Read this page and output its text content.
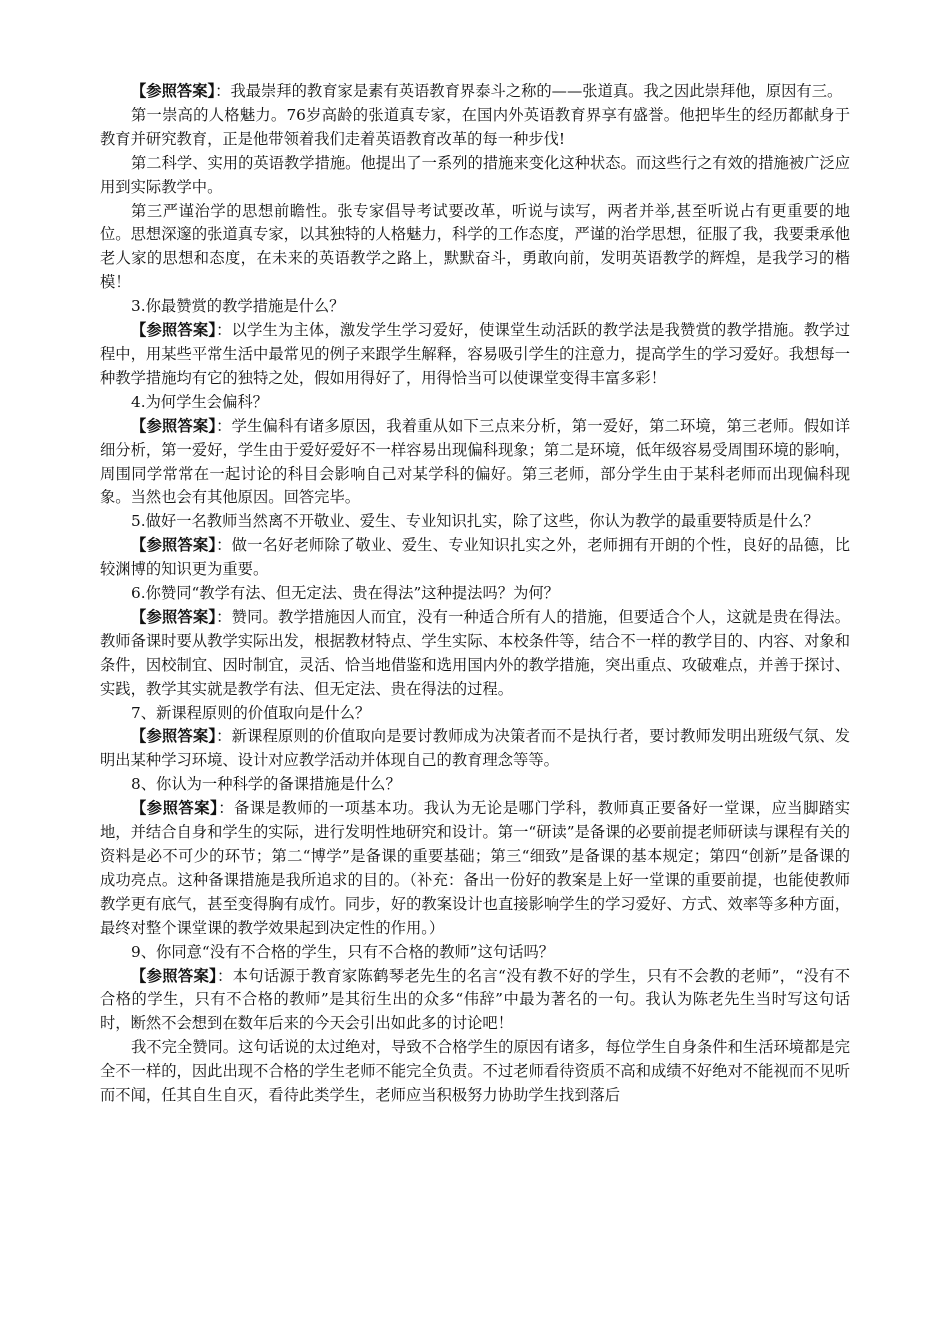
【参照答案】：我最崇拜的教育家是素有英语教育界泰斗之称的——张道真。我之因此崇拜他，原因有三。

第一崇高的人格魅力。76岁高龄的张道真专家，在国内外英语教育界享有盛誉。他把毕生的经历都献身于教育并研究教育，正是他带领着我们走着英语教育改革的每一种步伐!

第二科学、实用的英语教学措施。他提出了一系列的措施来变化这种状态。而这些行之有效的措施被广泛应用到实际教学中。

第三严谨治学的思想前瞻性。张专家倡导考试要改革，听说与读写，两者并举,甚至听说占有更重要的地位。思想深邃的张道真专家，以其独特的人格魅力，科学的工作态度，严谨的治学思想，征服了我，我要秉承他老人家的思想和态度，在未来的英语教学之路上，默默奋斗，勇敢向前，发明英语教学的辉煌，是我学习的楷模！

3.你最赞赏的教学措施是什么？

【参照答案】：以学生为主体，激发学生学习爱好，使课堂生动活跃的教学法是我赞赏的教学措施。教学过程中，用某些平常生活中最常见的例子来跟学生解释，容易吸引学生的注意力，提高学生的学习爱好。我想每一种教学措施均有它的独特之处，假如用得好了，用得恰当可以使课堂变得丰富多彩！

4.为何学生会偏科？

【参照答案】：学生偏科有诸多原因，我着重从如下三点来分析，第一爱好，第二环境，第三老师。假如详细分析，第一爱好，学生由于爱好爱好不一样容易出现偏科现象；第二是环境，低年级容易受周围环境的影响，周围同学常常在一起讨论的科目会影响自己对某学科的偏好。第三老师，部分学生由于某科老师而出现偏科现象。当然也会有其他原因。回答完毕。

5.做好一名教师当然离不开敬业、爱生、专业知识扎实，除了这些，你认为教学的最重要特质是什么？

【参照答案】：做一名好老师除了敬业、爱生、专业知识扎实之外，老师拥有开朗的个性，良好的品德，比较渊博的知识更为重要。

6.你赞同“教学有法、但无定法、贵在得法”这种提法吗？为何？

【参照答案】：赞同。教学措施因人而宜，没有一种适合所有人的措施，但要适合个人，这就是贵在得法。教师备课时要从教学实际出发，根据教材特点、学生实际、本校条件等，结合不一样的教学目的、内容、对象和条件，因校制宜、因时制宜，灵活、恰当地借鉴和选用国内外的教学措施，突出重点、攻破难点，并善于探讨、实践，教学其实就是教学有法、但无定法、贵在得法的过程。

7、新课程原则的价值取向是什么？

【参照答案】：新课程原则的价值取向是要讨教师成为决策者而不是执行者，要讨教师发明出班级气氛、发明出某种学习环境、设计对应教学活动并体现自己的教育理念等等。

8、你认为一种科学的备课措施是什么？

【参照答案】：备课是教师的一项基本功。我认为无论是哪门学科，教师真正要备好一堂课，应当脚踏实地，并结合自身和学生的实际，进行发明性地研究和设计。第一“研读”是备课的必要前提老师研读与课程有关的资料是必不可少的环节；第二“博学”是备课的重要基础；第三“细致”是备课的基本规定；第四“创新”是备课的成功亮点。这种备课措施是我所追求的目的。（补充：备出一份好的教案是上好一堂课的重要前提，也能使教师教学更有底气，甚至变得胸有成竹。同步，好的教案设计也直接影响学生的学习爱好、方式、效率等多种方面，最终对整个课堂课的教学效果起到决定性的作用。）

9、你同意“没有不合格的学生，只有不合格的教师”这句话吗？

【参照答案】：本句话源于教育家陈鹤琴老先生的名言“没有教不好的学生，只有不会教的老师”，“没有不合格的学生，只有不合格的教师”是其衍生出的众多“伟辞”中最为著名的一句。我认为陈老先生当时写这句话时，断然不会想到在数年后来的今天会引出如此多的讨论吧！

我不完全赞同。这句话说的太过绝对，导致不合格学生的原因有诸多，每位学生自身条件和生活环境都是完全不一样的，因此出现不合格的学生老师不能完全负责。不过老师看待资质不高和成绩不好绝对不能视而不见听而不闻，任其自生自灭，看待此类学生，老师应当积极努力协助学生找到落后
